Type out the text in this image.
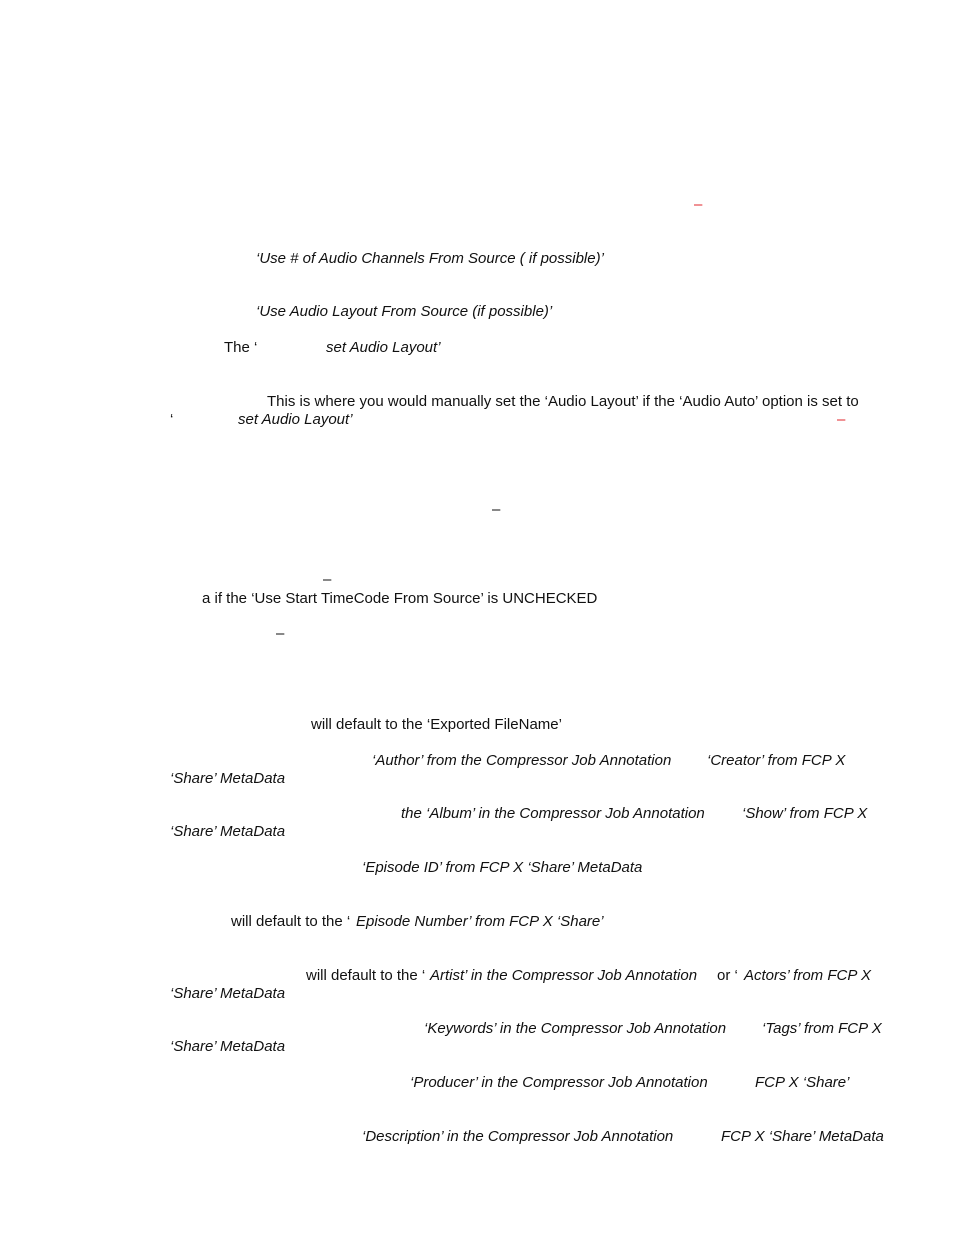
–
‘Use # of Audio Channels From Source ( if possible)’
‘Use Audio Layout From Source (if possible)’
The ‘	set Audio Layout’
This is where you would manually set the ‘Audio Layout’ if the ‘Audio Auto’ option is set to
‘	set Audio Layout’	–
–
–
a if the ‘Use Start TimeCode From Source’ is UNCHECKED
–
will default to the ‘Exported FileName’
‘Author’ from the Compressor Job Annotation ‘Creator’ from FCP X
‘Share’ MetaData
the ‘Album’ in the Compressor Job Annotation ‘Show’ from FCP X
‘Share’ MetaData
‘Episode ID’ from FCP X ‘Share’ MetaData
will default to the ‘ Episode Number’ from FCP X ‘Share’
will default to the ‘ Artist’ in the Compressor Job Annotation or ‘ Actors’ from FCP X
‘Share’ MetaData
‘Keywords’ in the Compressor Job Annotation ‘Tags’ from FCP X
‘Share’ MetaData
‘Producer’ in the Compressor Job Annotation	FCP X ‘Share’
‘Description’ in the Compressor Job Annotation	FCP X ‘Share’ MetaData
